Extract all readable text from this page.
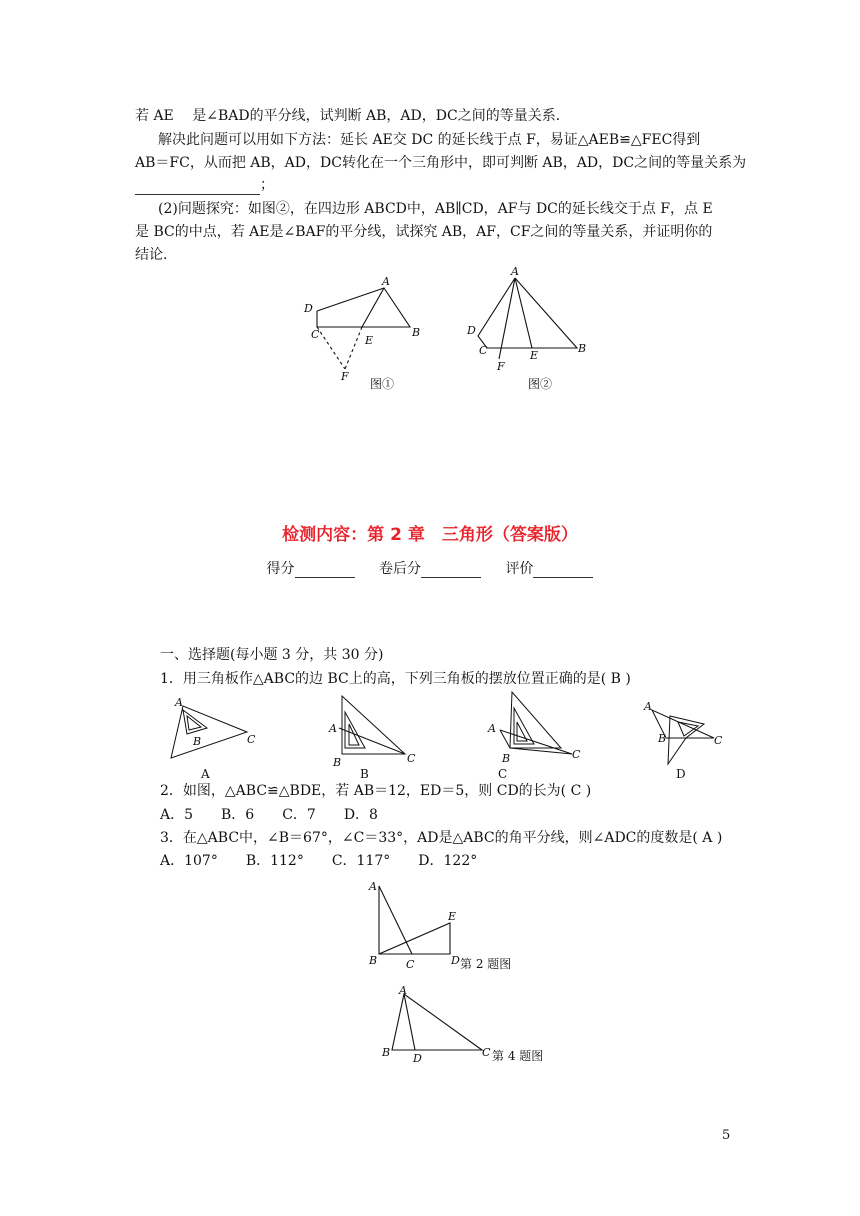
若 AE　 是∠BAD的平分线，试判断 AB，AD，DC之间的等量关系．
解决此问题可以用如下方法：延长 AE交 DC 的延长线于点 F，易证△AEB≌△FEC得到
AB＝FC，从而把 AB，AD，DC转化在一个三角形中，即可判断 AB，AD，DC之间的等量关系为
；
(2)问题探究：如图②，在四边形 ABCD中，AB∥CD，AF与 DC的延长线交于点 F，点 E
是 BC的中点，若 AE是∠BAF的平分线，试探究 AB，AF，CF之间的等量关系，并证明你的
结论．
A
D
C	E
B
F
图①
A
D
C
F
E
B
图②
检测内容：第 2 章　三角形（答案版）
得分	卷后分	评价
一、选择题(每小题 3 分，共 30 分)
1．用三角板作△ABC的边 BC上的高，下列三角板的摆放位置正确的是( B )
A
B	C
A
A
B	C
B
A
B	C
C
A
B	C
D
2．如图，△ABC≌△BDE，若 AB＝12，ED＝5，则 CD的长为( C )
A．5　　B．6　　C．7　　D．8
3．在△ABC中，∠B＝67°，∠C＝33°，AD是△ABC的角平分线，则∠ADC的度数是( A )
A．107°　　B．112°　　C．117°　　D．122°
A
E
B	C	D 第 2 题图
A
B D	C 第 4 题图
5
